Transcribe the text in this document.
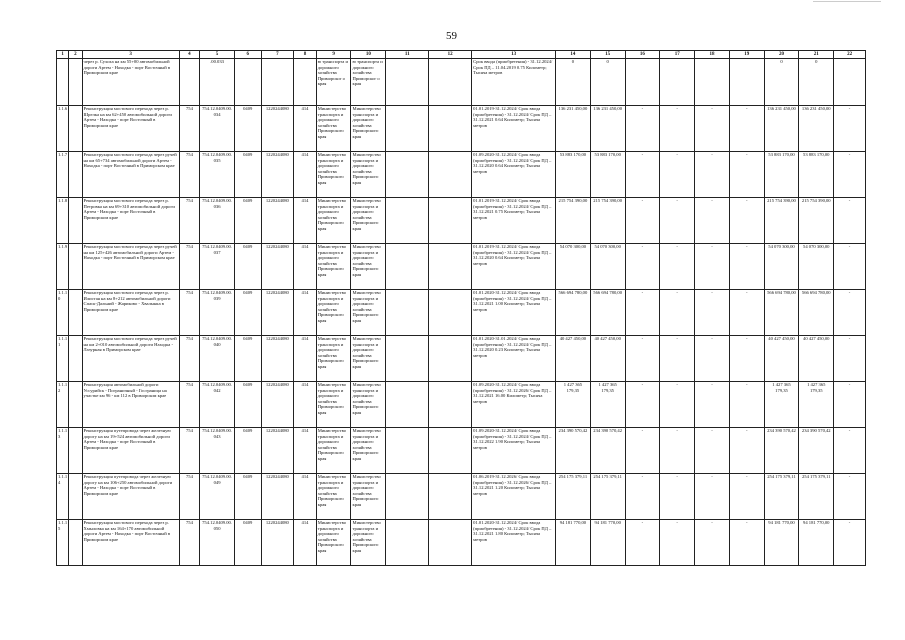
59
1	2	3	4	5	6	7	8	9	10	11	12	13	14	15	16	17	18	19	20	21	22
		через р. Сухоха на км 55+00 автомобильной дороги Артем - Находка - порт Восточный в Приморском крае		.00.033				ю транспорта и дорожного хозяйства Приморског о края	ю транспорта и дорожного хозяйства Приморског о края			Срок ввода (приобретения) - 31.12.2024/ Срок ПД – 11.04.2019 0.75 Километр; Тысяча метров	0	0					0	0	
1.1.6		Реконструкция мостового перехода через р. Шрелка на км 62+450 автомобильной дороги Артем - Находка - порт Восточный в Приморском крае	754	754.12.0409.00.034	0409	1220244080	414	Министерство транспорта и дорожного хозяйства Приморского края	Министерство транспорта и дорожного хозяйства Приморского края			01.01.2019-31.12.2024/ Срок ввода (приобретения) - 31.12.2024/ Срок ПД – 31.12.2021 0.64 Километр; Тысяча метров	136 231 450,00	136 231 450,00	-	-	-	-	136 231 450,00	136 231 450,00	-
1.1.7		Реконструкция мостового перехода через ручей на км 65+734 автомобильной дороги Артем - Находка - порт Восточный в Приморском крае	754	754.12.0409.00.035	0409	1220244080	414	Министерство транспорта и дорожного хозяйства Приморского края	Министерство транспорта и дорожного хозяйства Приморского края			01.09.2020-31.12.2024/ Срок ввода (приобретения) - 31.12.2024/ Срок ПД – 31.12.2020 0.64 Километр; Тысяча метров	53 883 170,00	53 883 170,00	-	-	-	-	53 883 170,00	53 883 170,00	-
1.1.8		Реконструкция мостового перехода через р. Петровка на км 69+310 автомобильной дороги Артем - Находка - порт Восточный в Приморском крае	754	754.12.0409.00.036	0409	1220244080	414	Министерство транспорта и дорожного хозяйства Приморского края	Министерство транспорта и дорожного хозяйства Приморского края			01.01.2019-31.12.2024/ Срок ввода (приобретения) - 31.12.2024/ Срок ПД – 31.12.2021 0.75 Километр; Тысяча метров	215 754 390,00	215 754 390,00	-	-	-	-	215 754 390,00	215 754 390,00	-
1.1.9		Реконструкция мостового перехода через ручей на км 125+426 автомобильной дороги Артем - Находка - порт Восточный в Приморском крае	754	754.12.0409.00.037	0409	1220244080	414	Министерство транспорта и дорожного хозяйства Приморского края	Министерство транспорта и дорожного хозяйства Приморского края			01.01.2019-31.12.2024/ Срок ввода (приобретения) - 31.12.2024/ Срок ПД – 31.12.2020 0.64 Километр; Тысяча метров	54 070 300,00	54 070 300,00	-	-	-	-	54 070 300,00	54 070 300,00	-
1.1.10		Реконструкция мостового перехода через р. Илистая на км 8+212 автомобильной дороги Спаск-Дальний - Жариково - Хвалынка в Приморском крае	754	754.12.0409.00.039	0409	1220244080	414	Министерство транспорта и дорожного хозяйства Приморского края	Министерство транспорта и дорожного хозяйства Приморского края			01.01.2020-31.12.2024/ Срок ввода (приобретения) - 31.12.2024/ Срок ПД – 31.12.2021 1.00 Километр; Тысяча метров	566 694 780,00	566 694 780,00	-	-	-	-	566 694 780,00	566 694 780,00	-
1.1.11		Реконструкция мостового перехода через ручей на км 2+010 автомобильной дороги Находка - Лазурная в Приморском крае	754	754.12.0409.00.040	0409	1220244080	414	Министерство транспорта и дорожного хозяйства Приморского края	Министерство транспорта и дорожного хозяйства Приморского края			01.01.2020-31.01.2024/ Срок ввода (приобретения) - 31.12.2024/ Срок ПД – 31.12.2020 0.23 Километр; Тысяча метров	40 427 450,00	40 427 450,00	-	-	-	-	40 427 450,00	40 427 450,00	-
1.1.12		Реконструкция автомобильной дороги Уссурийск - Пограничный - Госграница на участке км 96 - км 112 в Приморском крае	754	754.12.0409.00.042	0409	1220244080	414	Министерство транспорта и дорожного хозяйства Приморского края	Министерство транспорта и дорожного хозяйства Приморского края			01.09.2020-31.12.2024/ Срок ввода (приобретения) - 31.12.2026/ Срок ПД – 31.12.2021 16.00 Километр; Тысяча метров	1 427 365 179,35	1 427 365 179,35	-	-	-	-	1 427 365 179,35	1 427 365 179,35	-
1.1.13		Реконструкция путепровода через железную дорогу на км 19+524 автомобильной дороги Артем - Находка - порт Восточный в Приморском крае	754	754.12.0409.00.043	0409	1220244080	414	Министерство транспорта и дорожного хозяйства Приморского края	Министерство транспорта и дорожного хозяйства Приморского края			01.09.2020-31.12.2024/ Срок ввода (приобретения) - 31.12.2024/ Срок ПД – 31.12.2022 1.90 Километр; Тысяча метров	234 390 570,42	234 390 570,42	-	-	-	-	234 390 570,42	234 390 570,42	-
1.1.14		Реконструкция путепровода через железную дорогу на км 106+250 автомобильной дороги Артем - Находка - порт Восточный в Приморском крае	754	754.12.0409.00.049	0409	1220244080	414	Министерство транспорта и дорожного хозяйства Приморского края	Министерство транспорта и дорожного хозяйства Приморского края			01.06.2019-31.12.2026/ Срок ввода (приобретения) - 31.12.2026/ Срок ПД – 31.12.2021 1.20 Километр; Тысяча метров	254 175 379,11	254 175 379,11	-	-	-	-	254 175 379,11	254 175 379,11	-
1.1.15		Реконструкция мостового перехода через р. Хмыловка на км 164+170 автомобильной дороги Артем - Находка - порт Восточный в Приморском крае	754	754.12.0409.00.050	0409	1220244080	414	Министерство транспорта и дорожного хозяйства Приморского края	Министерство транспорта и дорожного хозяйства Приморского края			01.01.2020-31.12.2024/ Срок ввода (приобретения) - 31.12.2024/ Срок ПД – 31.12.2021 1.80 Километр; Тысяча метров	94 181 770,00	94 181 770,00	-	-	-	-	94 181 770,00	94 181 770,00	-
